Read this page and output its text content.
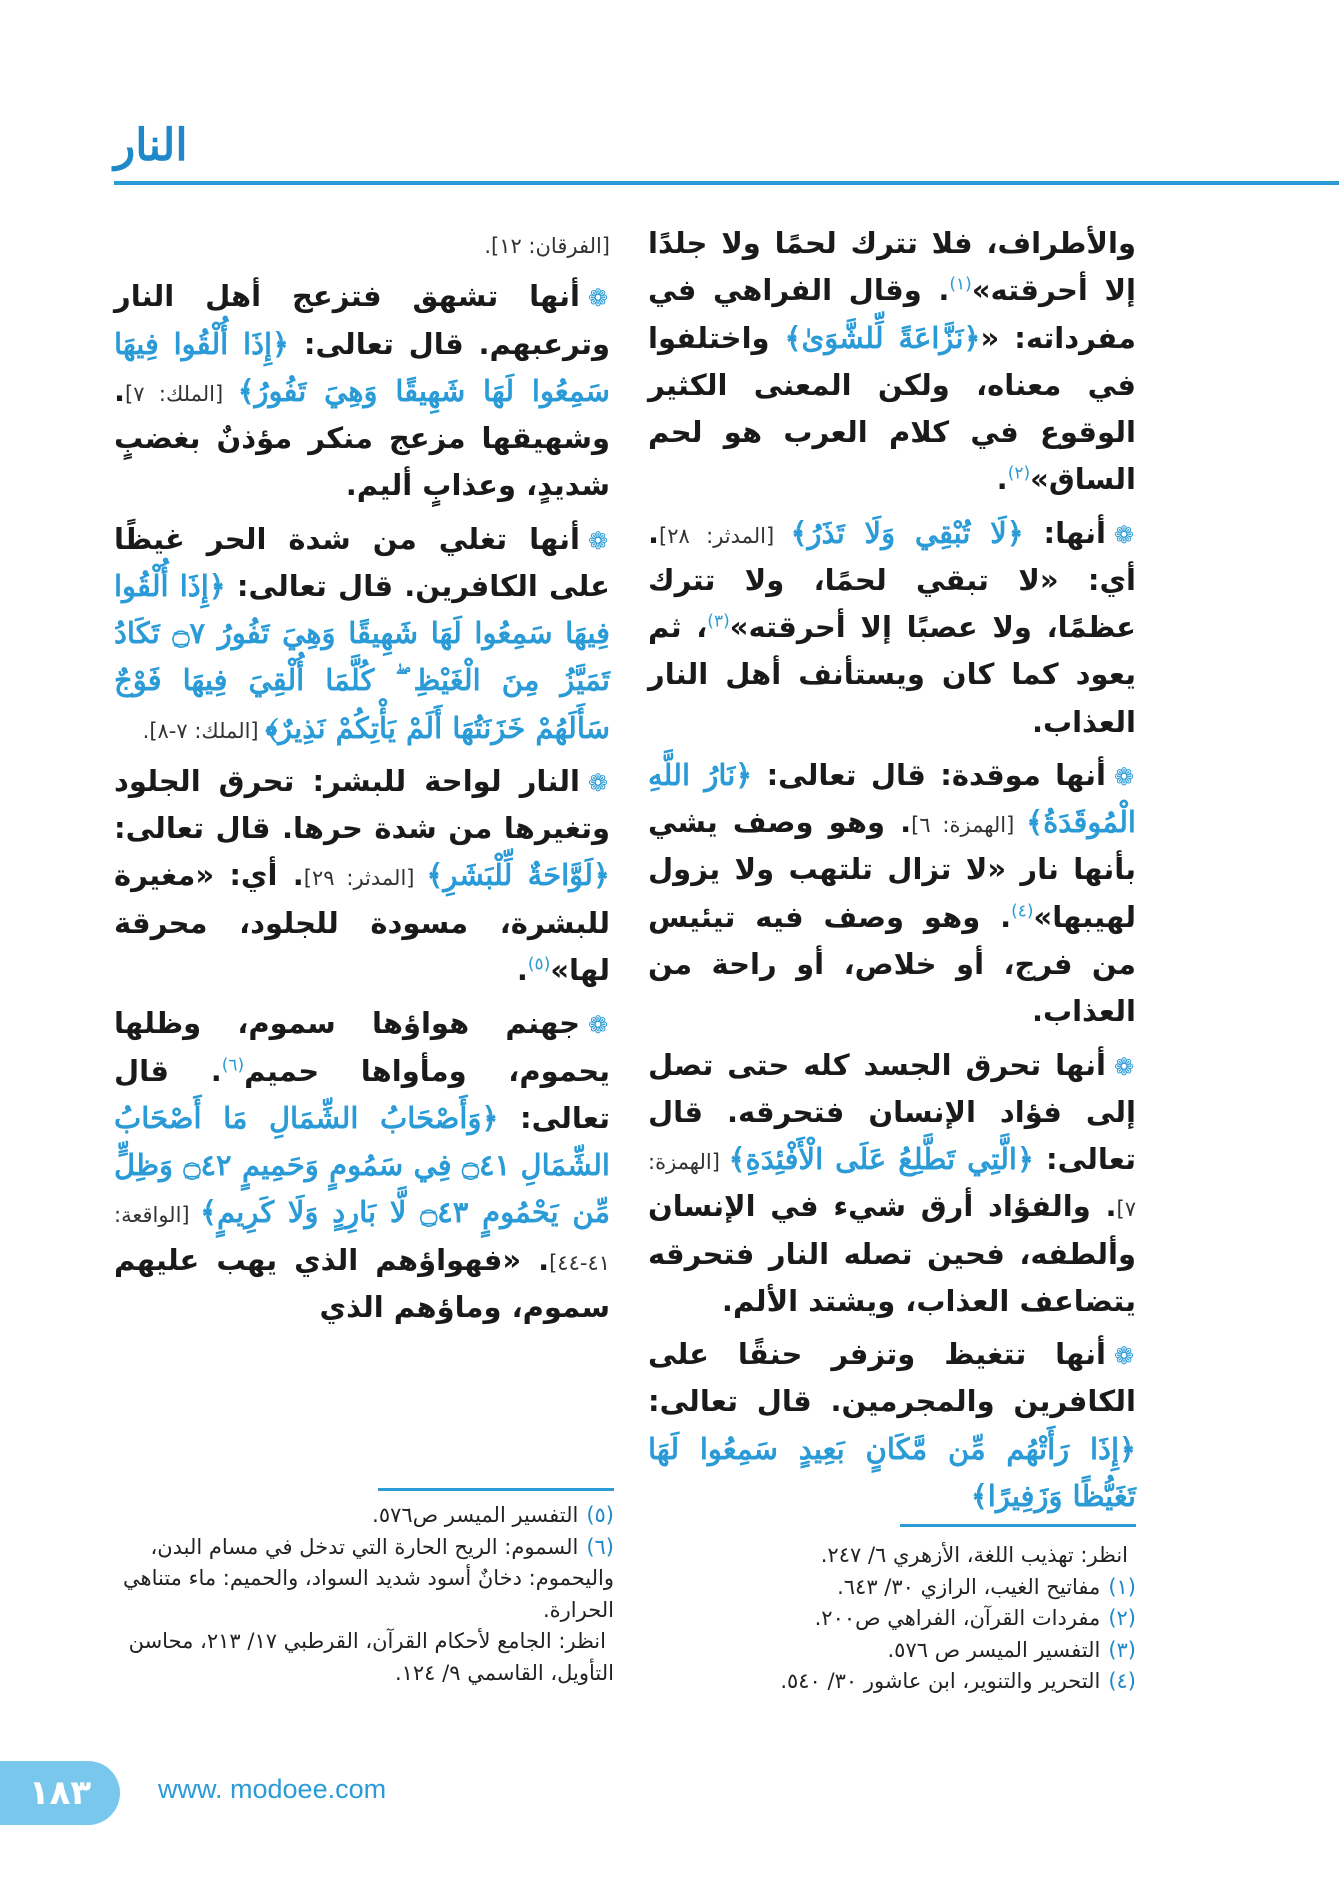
النار

والأطراف، فلا تترك لحمًا ولا جلدًا إلا أحرقته»$^{(١)}$. وقال الفراهي في مفرداته: «﴿نَزَّاعَةً لِّلشَّوَىٰ﴾ واختلفوا في معناه، ولكن المعنى الكثير الوقوع في كلام العرب هو لحم الساق»$^{(٢)}$.

❁أنها: ﴿لَا تُبْقِي وَلَا تَذَرُ﴾ [المدثر: ٢٨]. أي: «لا تبقي لحمًا، ولا تترك عظمًا، ولا عصبًا إلا أحرقته»$^{(٣)}$، ثم يعود كما كان ويستأنف أهل النار العذاب.

❁أنها موقدة: قال تعالى: ﴿نَارُ اللَّهِ الْمُوقَدَةُ﴾ [الهمزة: ٦]. وهو وصف يشي بأنها نار «لا تزال تلتهب ولا يزول لهيبها»$^{(٤)}$. وهو وصف فيه تيئيس من فرج، أو خلاص، أو راحة من العذاب.

❁أنها تحرق الجسد كله حتى تصل إلى فؤاد الإنسان فتحرقه. قال تعالى: ﴿الَّتِي تَطَّلِعُ عَلَى الْأَفْئِدَةِ﴾ [الهمزة: ٧]. والفؤاد أرق شيء في الإنسان وألطفه، فحين تصله النار فتحرقه يتضاعف العذاب، ويشتد الألم.

❁أنها تتغيظ وتزفر حنقًا على الكافرين والمجرمين. قال تعالى: ﴿إِذَا رَأَتْهُم مِّن مَّكَانٍ بَعِيدٍ سَمِعُوا لَهَا تَغَيُّظًا وَزَفِيرًا﴾

[الفرقان: ١٢].

❁أنها تشهق فتزعج أهل النار وترعبهم. قال تعالى: ﴿إِذَا أُلْقُوا فِيهَا سَمِعُوا لَهَا شَهِيقًا وَهِيَ تَفُورُ﴾ [الملك: ٧]. وشهيقها مزعج منكر مؤذنٌ بغضبٍ شديدٍ، وعذابٍ أليم.

❁أنها تغلي من شدة الحر غيظًا على الكافرين. قال تعالى: ﴿إِذَا أُلْقُوا فِيهَا سَمِعُوا لَهَا شَهِيقًا وَهِيَ تَفُورُ ۝٧ تَكَادُ تَمَيَّزُ مِنَ الْغَيْظِ ۖ كُلَّمَا أُلْقِيَ فِيهَا فَوْجٌ سَأَلَهُمْ خَزَنَتُهَا أَلَمْ يَأْتِكُمْ نَذِيرٌ﴾ [الملك: ٧-٨].

❁النار لواحة للبشر: تحرق الجلود وتغيرها من شدة حرها. قال تعالى: ﴿لَوَّاحَةٌ لِّلْبَشَرِ﴾ [المدثر: ٢٩]. أي: «مغيرة للبشرة، مسودة للجلود، محرقة لها»$^{(٥)}$.

❁جهنم هواؤها سموم، وظلها يحموم، ومأواها حميم$^{(٦)}$. قال تعالى: ﴿وَأَصْحَابُ الشِّمَالِ مَا أَصْحَابُ الشِّمَالِ ۝٤١ فِي سَمُومٍ وَحَمِيمٍ ۝٤٢ وَظِلٍّ مِّن يَحْمُومٍ ۝٤٣ لَّا بَارِدٍ وَلَا كَرِيمٍ﴾ [الواقعة: ٤١-٤٤]. «فهواؤهم الذي يهب عليهم سموم، وماؤهم الذي

انظر: تهذيب اللغة، الأزهري ٦/ ٢٤٧.

(١)مفاتيح الغيب، الرازي ٣٠/ ٦٤٣.

(٢)مفردات القرآن، الفراهي ص٢٠٠.

(٣)التفسير الميسر ص ٥٧٦.

(٤)التحرير والتنوير، ابن عاشور ٣٠/ ٥٤٠.

(٥)التفسير الميسر ص٥٧٦.

(٦)السموم: الريح الحارة التي تدخل في مسام البدن، واليحموم: دخانٌ أسود شديد السواد، والحميم: ماء متناهي الحرارة.

انظر: الجامع لأحكام القرآن، القرطبي ١٧/ ٢١٣، محاسن التأويل، القاسمي ٩/ ١٢٤.

١٨٣	www. modoee.com
